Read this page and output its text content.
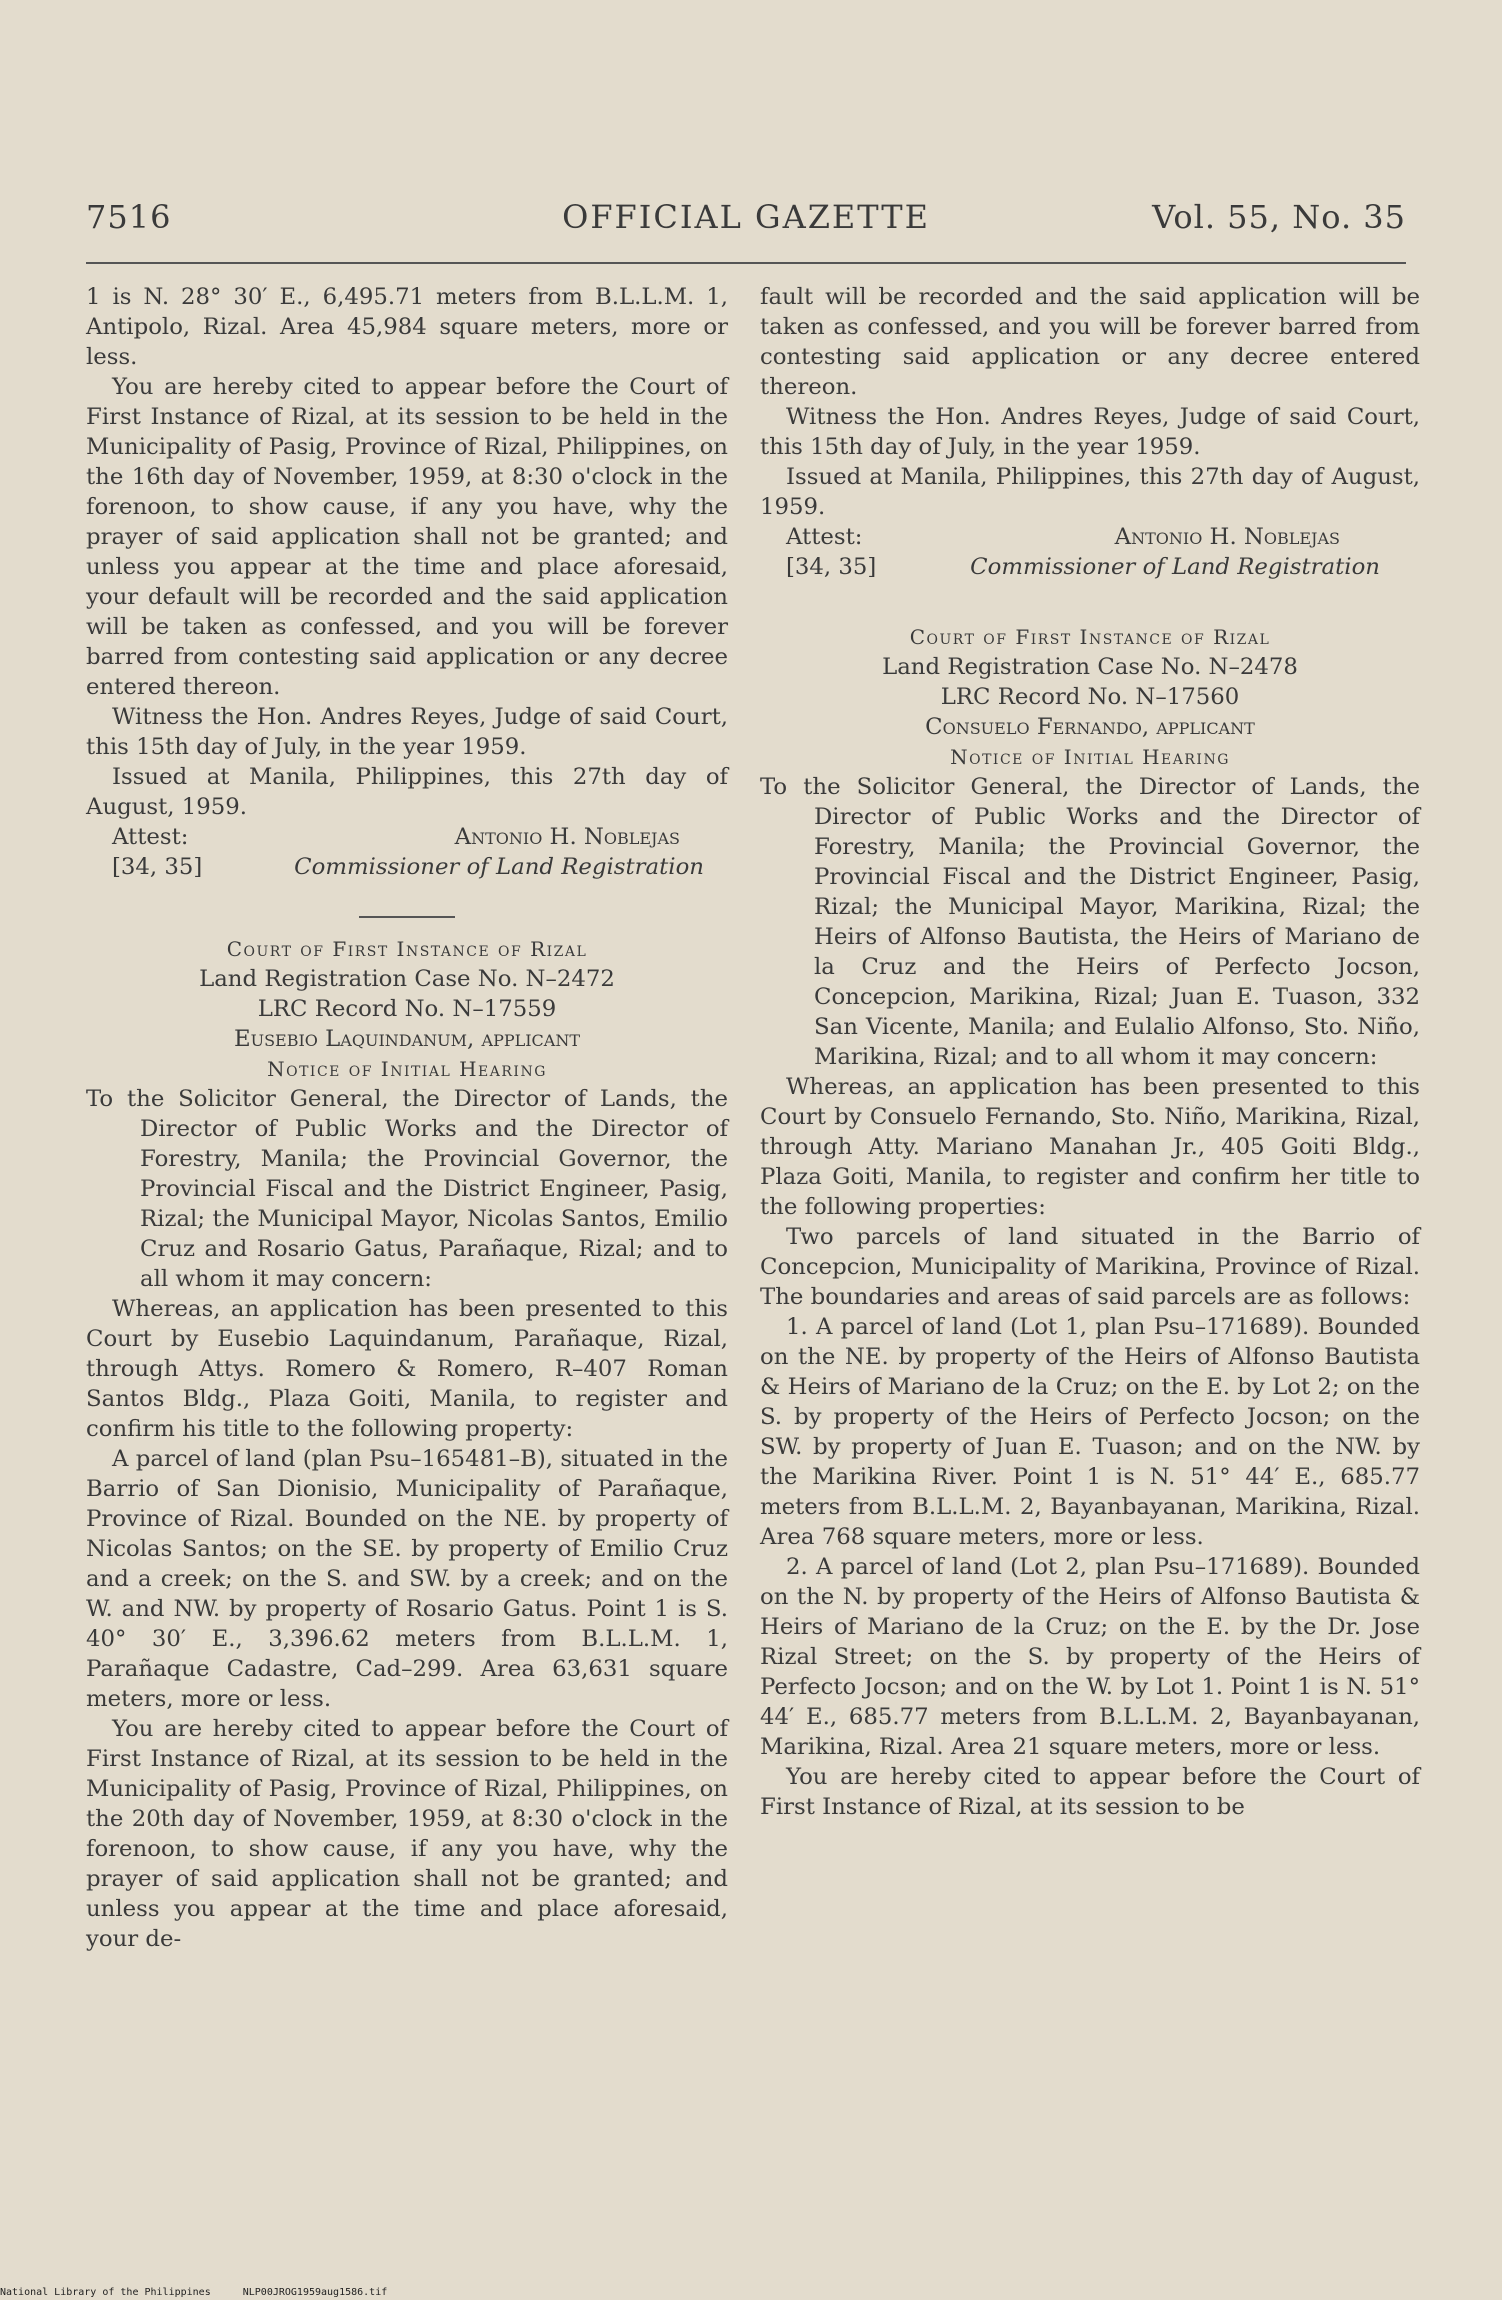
7516	OFFICIAL GAZETTE	Vol. 55, No. 35

1 is N. 28° 30′ E., 6,495.71 meters from B.L.L.M. 1, Antipolo, Rizal. Area 45,984 square meters, more or less.

You are hereby cited to appear before the Court of First Instance of Rizal, at its session to be held in the Municipality of Pasig, Province of Rizal, Philippines, on the 16th day of November, 1959, at 8:30 o'clock in the forenoon, to show cause, if any you have, why the prayer of said application shall not be granted; and unless you appear at the time and place aforesaid, your default will be recorded and the said application will be taken as confessed, and you will be forever barred from contesting said application or any decree entered thereon.

Witness the Hon. Andres Reyes, Judge of said Court, this 15th day of July, in the year 1959.

Issued at Manila, Philippines, this 27th day of August, 1959.

Attest:	Antonio H. Noblejas
[34, 35]	Commissioner of Land Registration

Court of First Instance of Rizal

Land Registration Case No. N–2472

LRC Record No. N–17559

Eusebio Laquindanum, applicant

Notice of Initial Hearing

To the Solicitor General, the Director of Lands, the Director of Public Works and the Director of Forestry, Manila; the Provincial Governor, the Provincial Fiscal and the District Engineer, Pasig, Rizal; the Municipal Mayor, Nicolas Santos, Emilio Cruz and Rosario Gatus, Parañaque, Rizal; and to all whom it may concern:

Whereas, an application has been presented to this Court by Eusebio Laquindanum, Parañaque, Rizal, through Attys. Romero & Romero, R–407 Roman Santos Bldg., Plaza Goiti, Manila, to register and confirm his title to the following property:

A parcel of land (plan Psu–165481–B), situated in the Barrio of San Dionisio, Municipality of Parañaque, Province of Rizal. Bounded on the NE. by property of Nicolas Santos; on the SE. by property of Emilio Cruz and a creek; on the S. and SW. by a creek; and on the W. and NW. by property of Rosario Gatus. Point 1 is S. 40° 30′ E., 3,396.62 meters from B.L.L.M. 1, Parañaque Cadastre, Cad–299. Area 63,631 square meters, more or less.

You are hereby cited to appear before the Court of First Instance of Rizal, at its session to be held in the Municipality of Pasig, Province of Rizal, Philippines, on the 20th day of November, 1959, at 8:30 o'clock in the forenoon, to show cause, if any you have, why the prayer of said application shall not be granted; and unless you appear at the time and place aforesaid, your de-

fault will be recorded and the said application will be taken as confessed, and you will be forever barred from contesting said application or any decree entered thereon.

Witness the Hon. Andres Reyes, Judge of said Court, this 15th day of July, in the year 1959.

Issued at Manila, Philippines, this 27th day of August, 1959.

Attest:	Antonio H. Noblejas
[34, 35]	Commissioner of Land Registration

Court of First Instance of Rizal

Land Registration Case No. N–2478

LRC Record No. N–17560

Consuelo Fernando, applicant

Notice of Initial Hearing

To the Solicitor General, the Director of Lands, the Director of Public Works and the Director of Forestry, Manila; the Provincial Governor, the Provincial Fiscal and the District Engineer, Pasig, Rizal; the Municipal Mayor, Marikina, Rizal; the Heirs of Alfonso Bautista, the Heirs of Mariano de la Cruz and the Heirs of Perfecto Jocson, Concepcion, Marikina, Rizal; Juan E. Tuason, 332 San Vicente, Manila; and Eulalio Alfonso, Sto. Niño, Marikina, Rizal; and to all whom it may concern:

Whereas, an application has been presented to this Court by Consuelo Fernando, Sto. Niño, Marikina, Rizal, through Atty. Mariano Manahan Jr., 405 Goiti Bldg., Plaza Goiti, Manila, to register and confirm her title to the following properties:

Two parcels of land situated in the Barrio of Concepcion, Municipality of Marikina, Province of Rizal. The boundaries and areas of said parcels are as follows:

1. A parcel of land (Lot 1, plan Psu–171689). Bounded on the NE. by property of the Heirs of Alfonso Bautista & Heirs of Mariano de la Cruz; on the E. by Lot 2; on the S. by property of the Heirs of Perfecto Jocson; on the SW. by property of Juan E. Tuason; and on the NW. by the Marikina River. Point 1 is N. 51° 44′ E., 685.77 meters from B.L.L.M. 2, Bayanbayanan, Marikina, Rizal. Area 768 square meters, more or less.

2. A parcel of land (Lot 2, plan Psu–171689). Bounded on the N. by property of the Heirs of Alfonso Bautista & Heirs of Mariano de la Cruz; on the E. by the Dr. Jose Rizal Street; on the S. by property of the Heirs of Perfecto Jocson; and on the W. by Lot 1. Point 1 is N. 51° 44′ E., 685.77 meters from B.L.L.M. 2, Bayanbayanan, Marikina, Rizal. Area 21 square meters, more or less.

You are hereby cited to appear before the Court of First Instance of Rizal, at its session to be

National Library of the Philippines	NLP00JROG1959aug1586.tif
